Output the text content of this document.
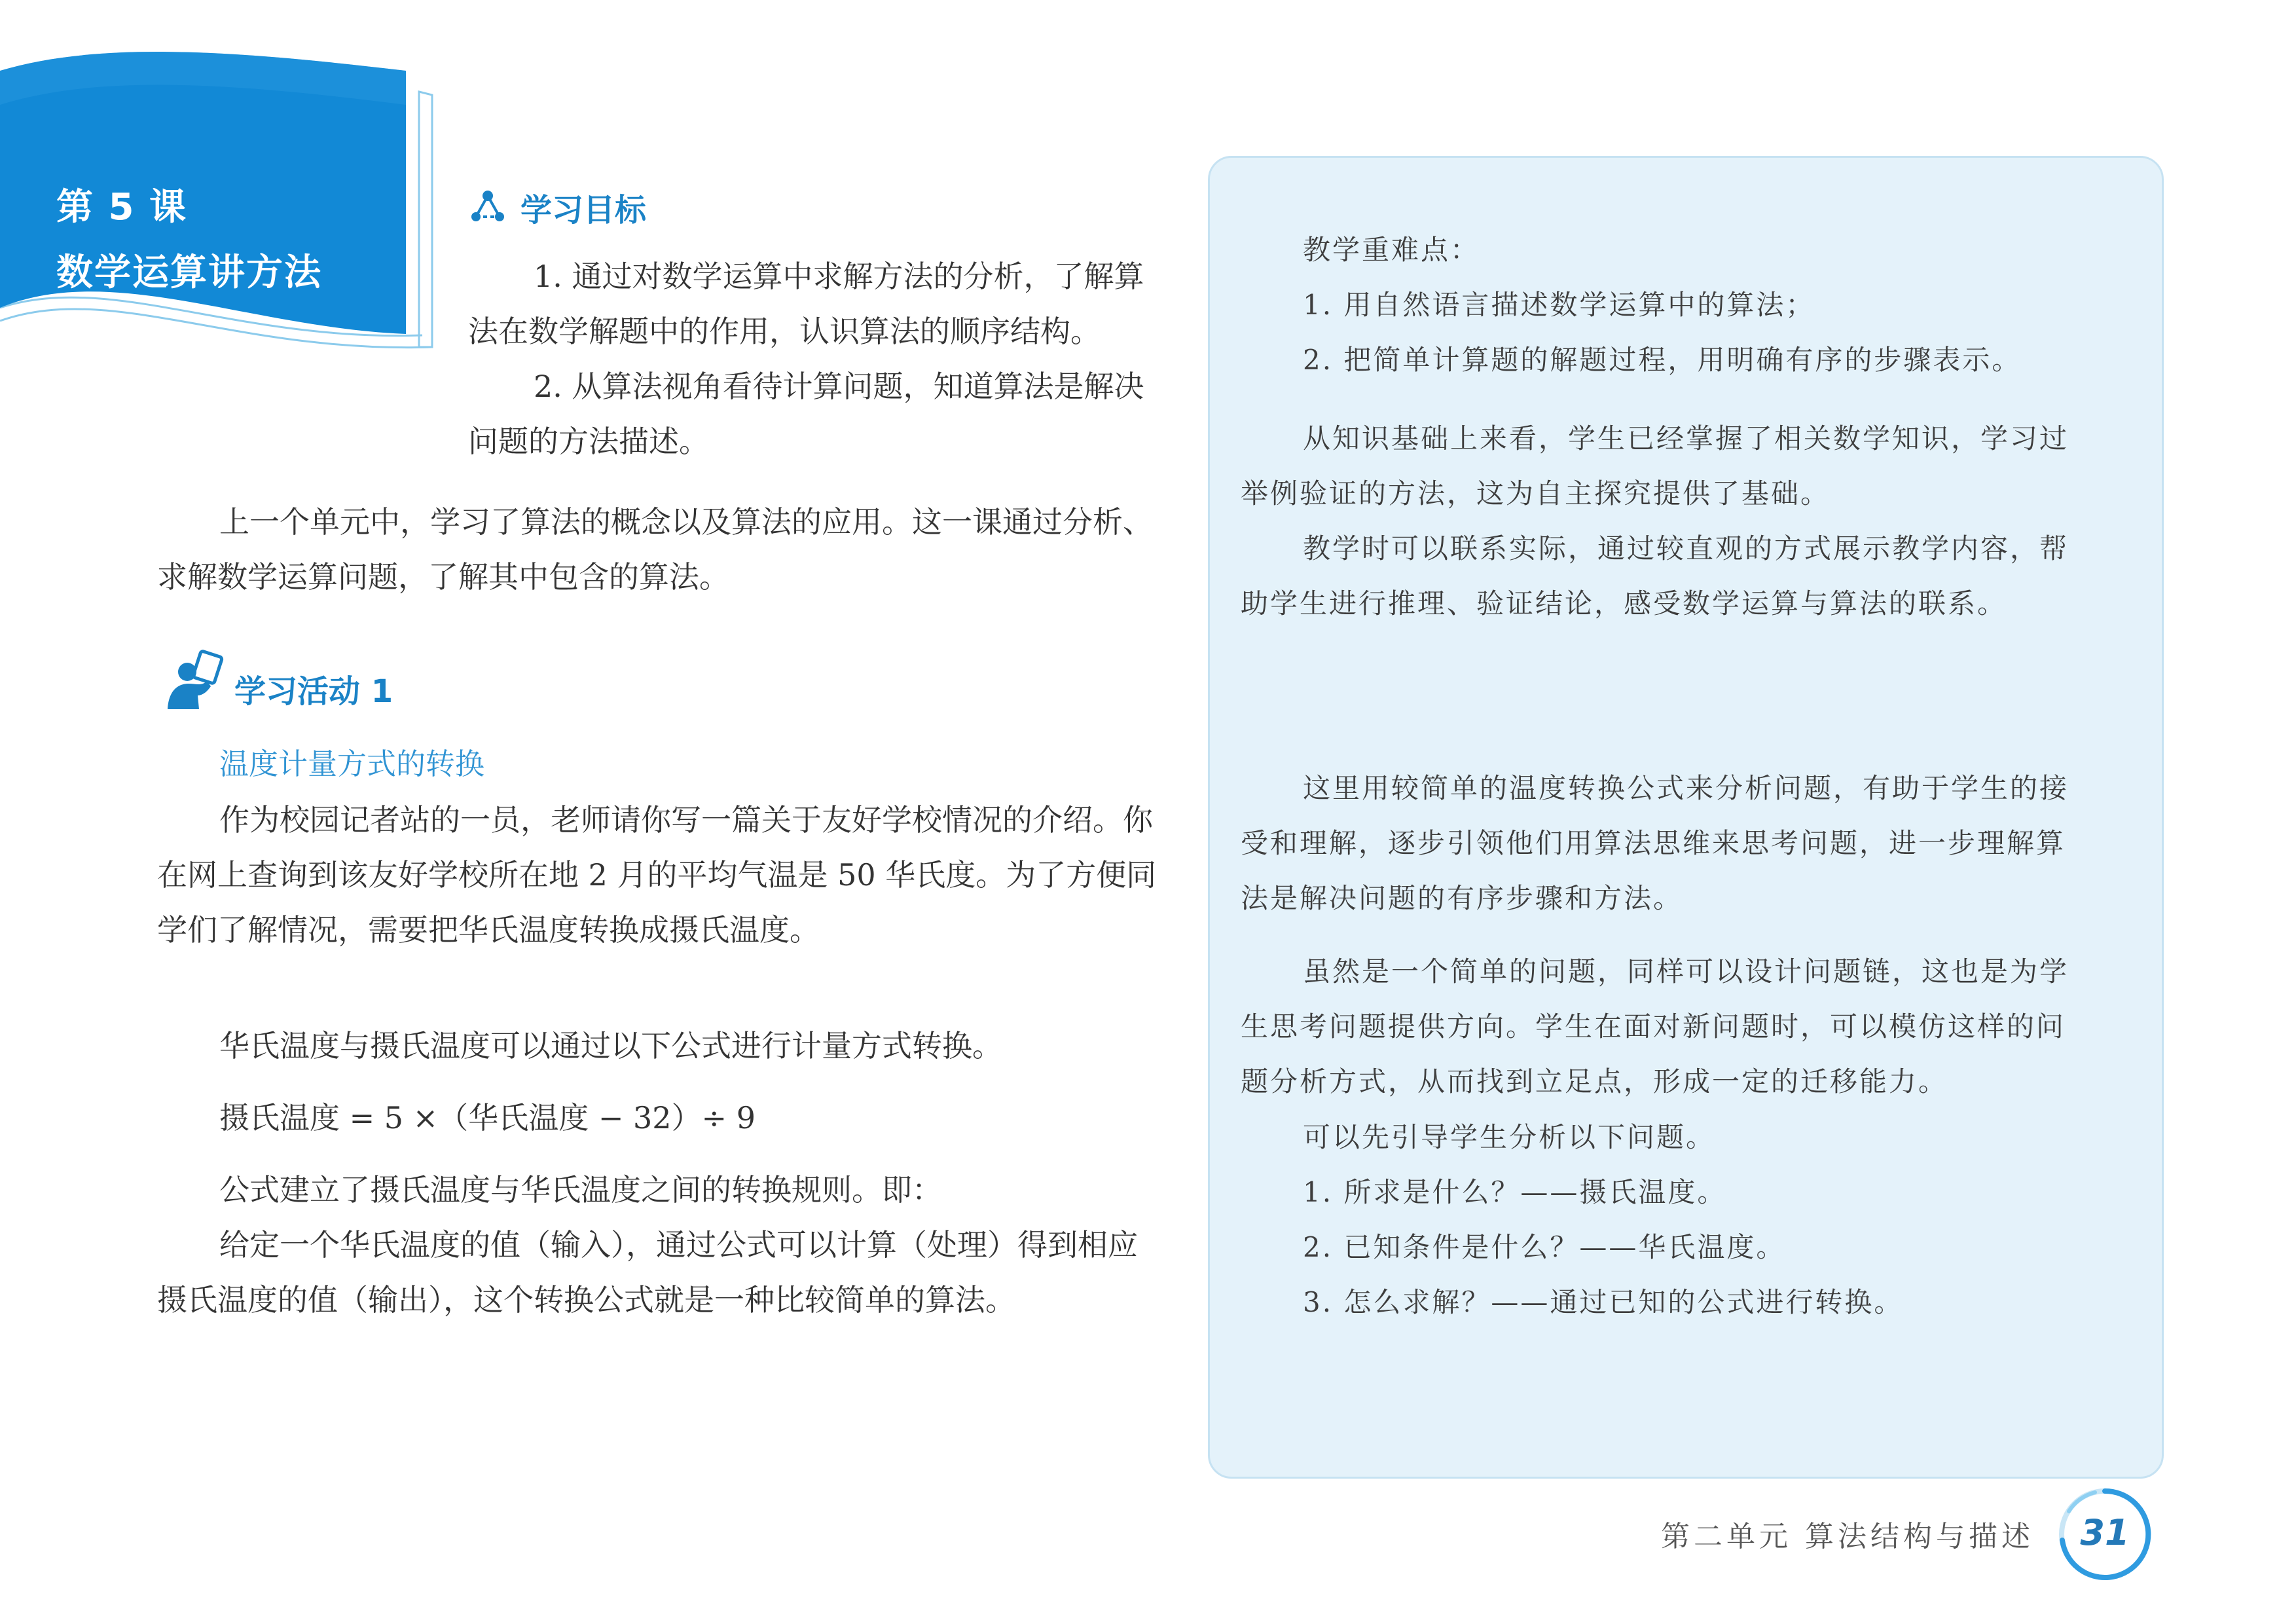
第 5 课
数学运算讲方法
学习目标

1. 通过对数学运算中求解方法的分析，了解算

法在数学解题中的作用，认识算法的顺序结构。

2. 从算法视角看待计算问题，知道算法是解决

问题的方法描述。

上一个单元中，学习了算法的概念以及算法的应用。这一课通过分析、

求解数学运算问题，了解其中包含的算法。

学习活动 1
温度计量方式的转换

作为校园记者站的一员，老师请你写一篇关于友好学校情况的介绍。你

在网上查询到该友好学校所在地 2 月的平均气温是 50 华氏度。为了方便同

学们了解情况，需要把华氏温度转换成摄氏温度。

华氏温度与摄氏温度可以通过以下公式进行计量方式转换。

摄氏温度 = 5 ×（华氏温度 − 32）÷ 9

公式建立了摄氏温度与华氏温度之间的转换规则。即：

给定一个华氏温度的值（输入），通过公式可以计算（处理）得到相应

摄氏温度的值（输出），这个转换公式就是一种比较简单的算法。

教学重难点：

1. 用自然语言描述数学运算中的算法；

2. 把简单计算题的解题过程，用明确有序的步骤表示。

从知识基础上来看，学生已经掌握了相关数学知识，学习过

举例验证的方法，这为自主探究提供了基础。

教学时可以联系实际，通过较直观的方式展示教学内容，帮

助学生进行推理、验证结论，感受数学运算与算法的联系。

这里用较简单的温度转换公式来分析问题，有助于学生的接

受和理解，逐步引领他们用算法思维来思考问题，进一步理解算

法是解决问题的有序步骤和方法。

虽然是一个简单的问题，同样可以设计问题链，这也是为学

生思考问题提供方向。学生在面对新问题时，可以模仿这样的问

题分析方式，从而找到立足点，形成一定的迁移能力。

可以先引导学生分析以下问题。

1. 所求是什么？——摄氏温度。

2. 已知条件是什么？——华氏温度。

3. 怎么求解？——通过已知的公式进行转换。

第二单元 算法结构与描述	31
